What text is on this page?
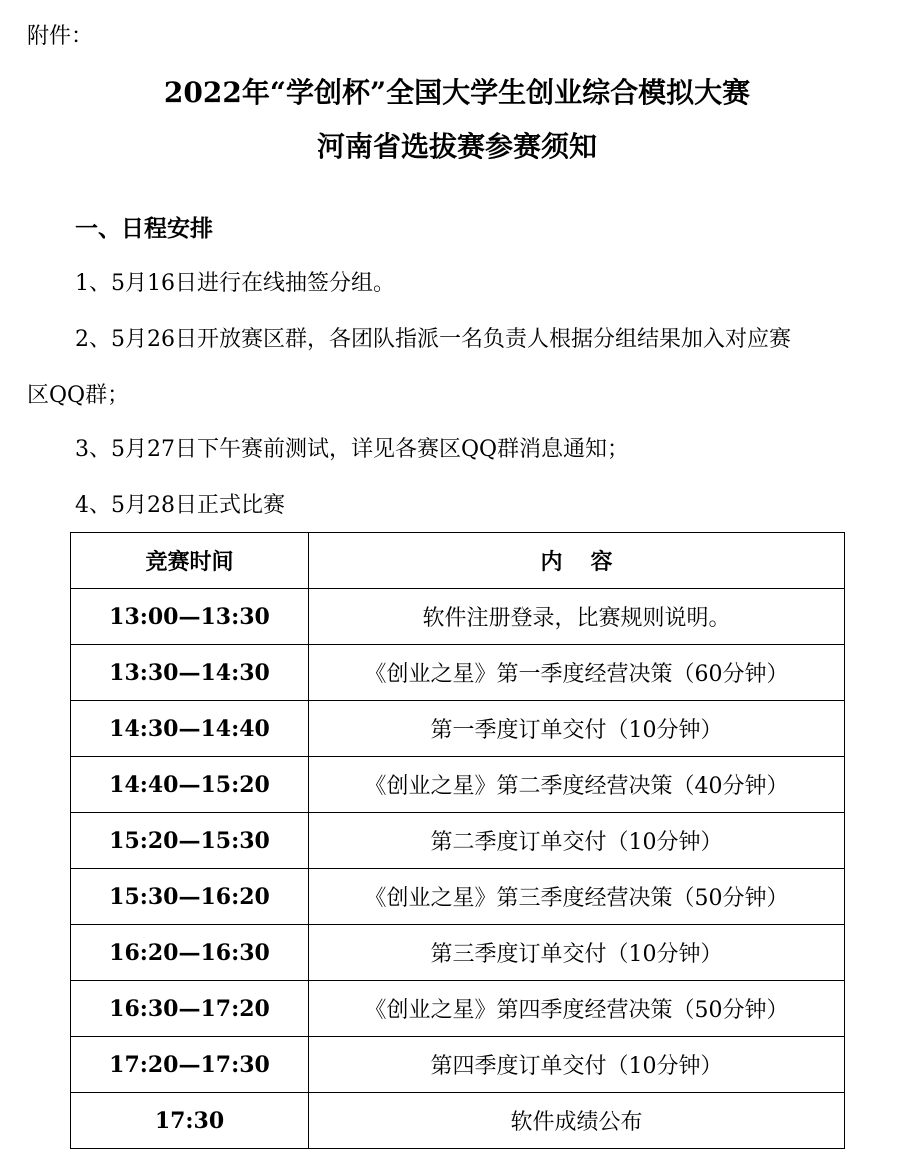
附件：
2022年“学创杯”全国大学生创业综合模拟大赛
河南省选拔赛参赛须知
一、日程安排
1、5月16日进行在线抽签分组。
2、5月26日开放赛区群，各团队指派一名负责人根据分组结果加入对应赛
区QQ群；
3、5月27日下午赛前测试，详见各赛区QQ群消息通知；
4、5月28日正式比赛
竞赛时间	内容
13:00—13:30	软件注册登录，比赛规则说明。
13:30—14:30	《创业之星》第一季度经营决策（60分钟）
14:30—14:40	第一季度订单交付（10分钟）
14:40—15:20	《创业之星》第二季度经营决策（40分钟）
15:20—15:30	第二季度订单交付（10分钟）
15:30—16:20	《创业之星》第三季度经营决策（50分钟）
16:20—16:30	第三季度订单交付（10分钟）
16:30—17:20	《创业之星》第四季度经营决策（50分钟）
17:20—17:30	第四季度订单交付（10分钟）
17:30	软件成绩公布
